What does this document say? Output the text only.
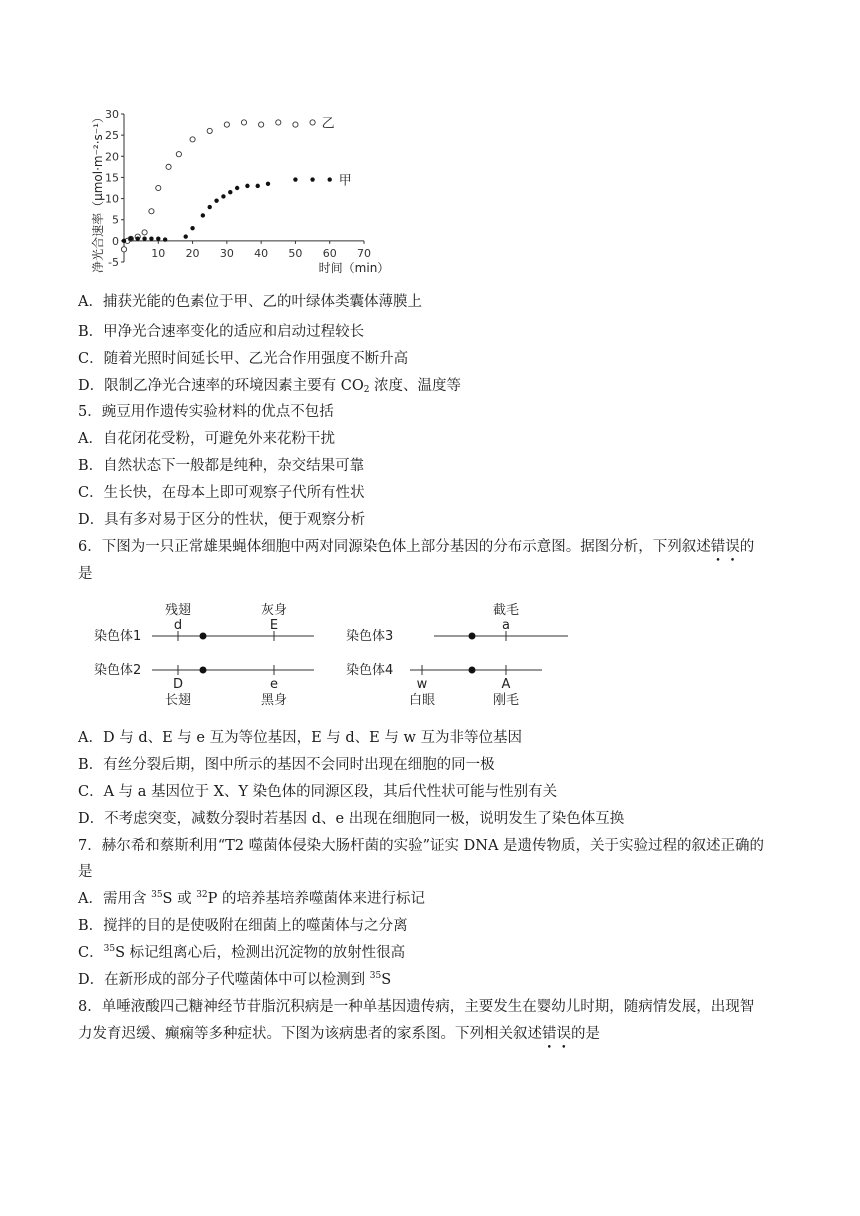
-5
0
5
10
15
20
25
30
10 20 30 40 50 60 70
乙
甲
净光合速率（μmol·m⁻²·s⁻¹）	时间（min）
A．捕获光能的色素位于甲、乙的叶绿体类囊体薄膜上
B．甲净光合速率变化的适应和启动过程较长
C．随着光照时间延长甲、乙光合作用强度不断升高
D．限制乙净光合速率的环境因素主要有 $CO_2$ 浓度、温度等
5．豌豆用作遗传实验材料的优点不包括
A．自花闭花受粉，可避免外来花粉干扰
B．自然状态下一般都是纯种，杂交结果可靠
C．生长快，在母本上即可观察子代所有性状
D．具有多对易于区分的性状，便于观察分析
6．下图为一只正常雄果蝇体细胞中两对同源染色体上部分基因的分布示意图。据图分析，下列叙述错误的
是
染色体1
残翅
d
灰身
E
染色体2
D
长翅
e
黑身
染色体3
截毛
a
染色体4
w
白眼
A
刚毛
A．D 与 d、E 与 e 互为等位基因，E 与 d、E 与 w 互为非等位基因
B．有丝分裂后期，图中所示的基因不会同时出现在细胞的同一极
C．A 与 a 基因位于 X、Y 染色体的同源区段，其后代性状可能与性别有关
D．不考虑突变，减数分裂时若基因 d、e 出现在细胞同一极，说明发生了染色体互换
7．赫尔希和蔡斯利用“T2 噬菌体侵染大肠杆菌的实验”证实 DNA 是遗传物质，关于实验过程的叙述正确的
是
A．需用含 $^{35}$S 或 $^{32}$P 的培养基培养噬菌体来进行标记
B．搅拌的目的是使吸附在细菌上的噬菌体与之分离
C．$^{35}$S 标记组离心后，检测出沉淀物的放射性很高
D．在新形成的部分子代噬菌体中可以检测到 $^{35}$S
8．单唾液酸四己糖神经节苷脂沉积病是一种单基因遗传病，主要发生在婴幼儿时期，随病情发展，出现智
力发育迟缓、癫痫等多种症状。下图为该病患者的家系图。下列相关叙述错误的是
